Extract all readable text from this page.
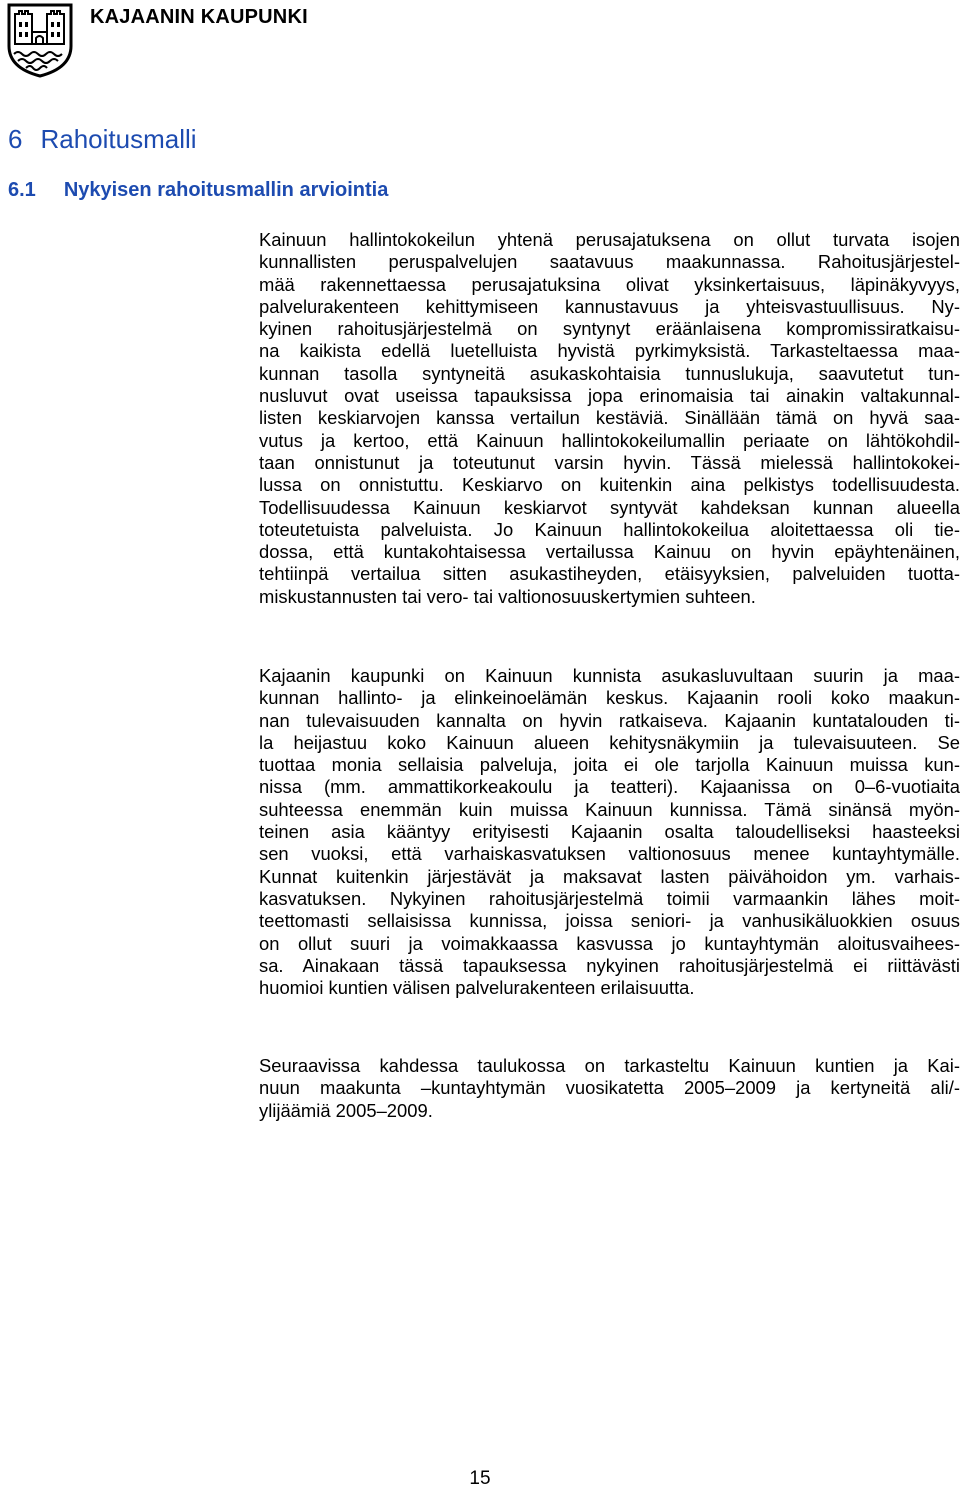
KAJAANIN KAUPUNKI
6 Rahoitusmalli
6.1 Nykyisen rahoitusmallin arviointia
Kainuun hallintokokeilun yhtenä perusajatuksena on ollut turvata isojen
kunnallisten peruspalvelujen saatavuus maakunnassa. Rahoitusjärjestel-
mää rakennettaessa perusajatuksina olivat yksinkertaisuus, läpinäkyvyys,
palvelurakenteen kehittymiseen kannustavuus ja yhteisvastuullisuus. Ny-
kyinen rahoitusjärjestelmä on syntynyt eräänlaisena kompromissiratkaisu-
na kaikista edellä luetelluista hyvistä pyrkimyksistä. Tarkasteltaessa maa-
kunnan tasolla syntyneitä asukaskohtaisia tunnuslukuja, saavutetut tun-
nusluvut ovat useissa tapauksissa jopa erinomaisia tai ainakin valtakunnal-
listen keskiarvojen kanssa vertailun kestäviä. Sinällään tämä on hyvä saa-
vutus ja kertoo, että Kainuun hallintokokeilumallin periaate on lähtökohdil-
taan onnistunut ja toteutunut varsin hyvin. Tässä mielessä hallintokokei-
lussa on onnistuttu. Keskiarvo on kuitenkin aina pelkistys todellisuudesta.
Todellisuudessa Kainuun keskiarvot syntyvät kahdeksan kunnan alueella
toteutetuista palveluista. Jo Kainuun hallintokokeilua aloitettaessa oli tie-
dossa, että kuntakohtaisessa vertailussa Kainuu on hyvin epäyhtenäinen,
tehtiinpä vertailua sitten asukastiheyden, etäisyyksien, palveluiden tuotta-
miskustannusten tai vero- tai valtionosuuskertymien suhteen.
Kajaanin kaupunki on Kainuun kunnista asukasluvultaan suurin ja maa-
kunnan hallinto- ja elinkeinoelämän keskus. Kajaanin rooli koko maakun-
nan tulevaisuuden kannalta on hyvin ratkaiseva. Kajaanin kuntatalouden ti-
la heijastuu koko Kainuun alueen kehitysnäkymiin ja tulevaisuuteen. Se
tuottaa monia sellaisia palveluja, joita ei ole tarjolla Kainuun muissa kun-
nissa (mm. ammattikorkeakoulu ja teatteri). Kajaanissa on 0–6-vuotiaita
suhteessa enemmän kuin muissa Kainuun kunnissa. Tämä sinänsä myön-
teinen asia kääntyy erityisesti Kajaanin osalta taloudelliseksi haasteeksi
sen vuoksi, että varhaiskasvatuksen valtionosuus menee kuntayhtymälle.
Kunnat kuitenkin järjestävät ja maksavat lasten päivähoidon ym. varhais-
kasvatuksen. Nykyinen rahoitusjärjestelmä toimii varmaankin lähes moit-
teettomasti sellaisissa kunnissa, joissa seniori- ja vanhusikäluokkien osuus
on ollut suuri ja voimakkaassa kasvussa jo kuntayhtymän aloitusvaihees-
sa. Ainakaan tässä tapauksessa nykyinen rahoitusjärjestelmä ei riittävästi
huomioi kuntien välisen palvelurakenteen erilaisuutta.
Seuraavissa kahdessa taulukossa on tarkasteltu Kainuun kuntien ja Kai-
nuun maakunta –kuntayhtymän vuosikatetta 2005–2009 ja kertyneitä ali/-
ylijäämiä 2005–2009.
15
